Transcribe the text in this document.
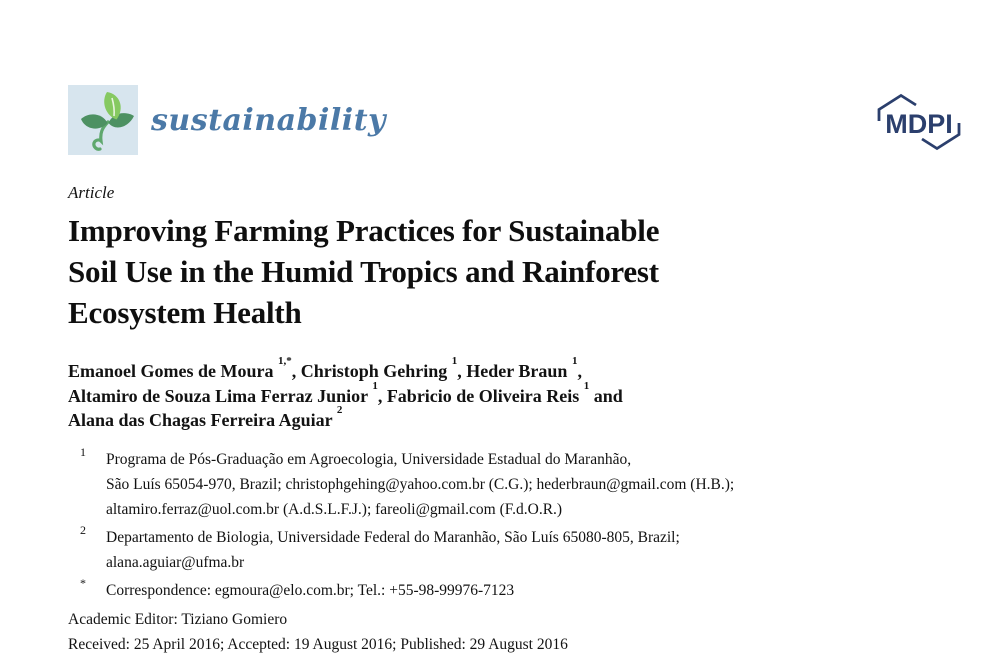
sustainability	MDPI
Article
Improving Farming Practices for Sustainable
Soil Use in the Humid Tropics and Rainforest
Ecosystem Health
Emanoel Gomes de Moura $^{1,*}$, Christoph Gehring $^1$, Heder Braun $^1$,
Altamiro de Souza Lima Ferraz Junior $^1$, Fabricio de Oliveira Reis $^1$ and
Alana das Chagas Ferreira Aguiar $^2$
1	Programa de Pós-Graduação em Agroecologia, Universidade Estadual do Maranhão,
São Luís 65054-970, Brazil; christophgehing@yahoo.com.br (C.G.); hederbraun@gmail.com (H.B.);
altamiro.ferraz@uol.com.br (A.d.S.L.F.J.); fareoli@gmail.com (F.d.O.R.)
2	Departamento de Biologia, Universidade Federal do Maranhão, São Luís 65080-805, Brazil;
alana.aguiar@ufma.br
*	Correspondence: egmoura@elo.com.br; Tel.: +55-98-99976-7123
Academic Editor: Tiziano Gomiero
Received: 25 April 2016; Accepted: 19 August 2016; Published: 29 August 2016
